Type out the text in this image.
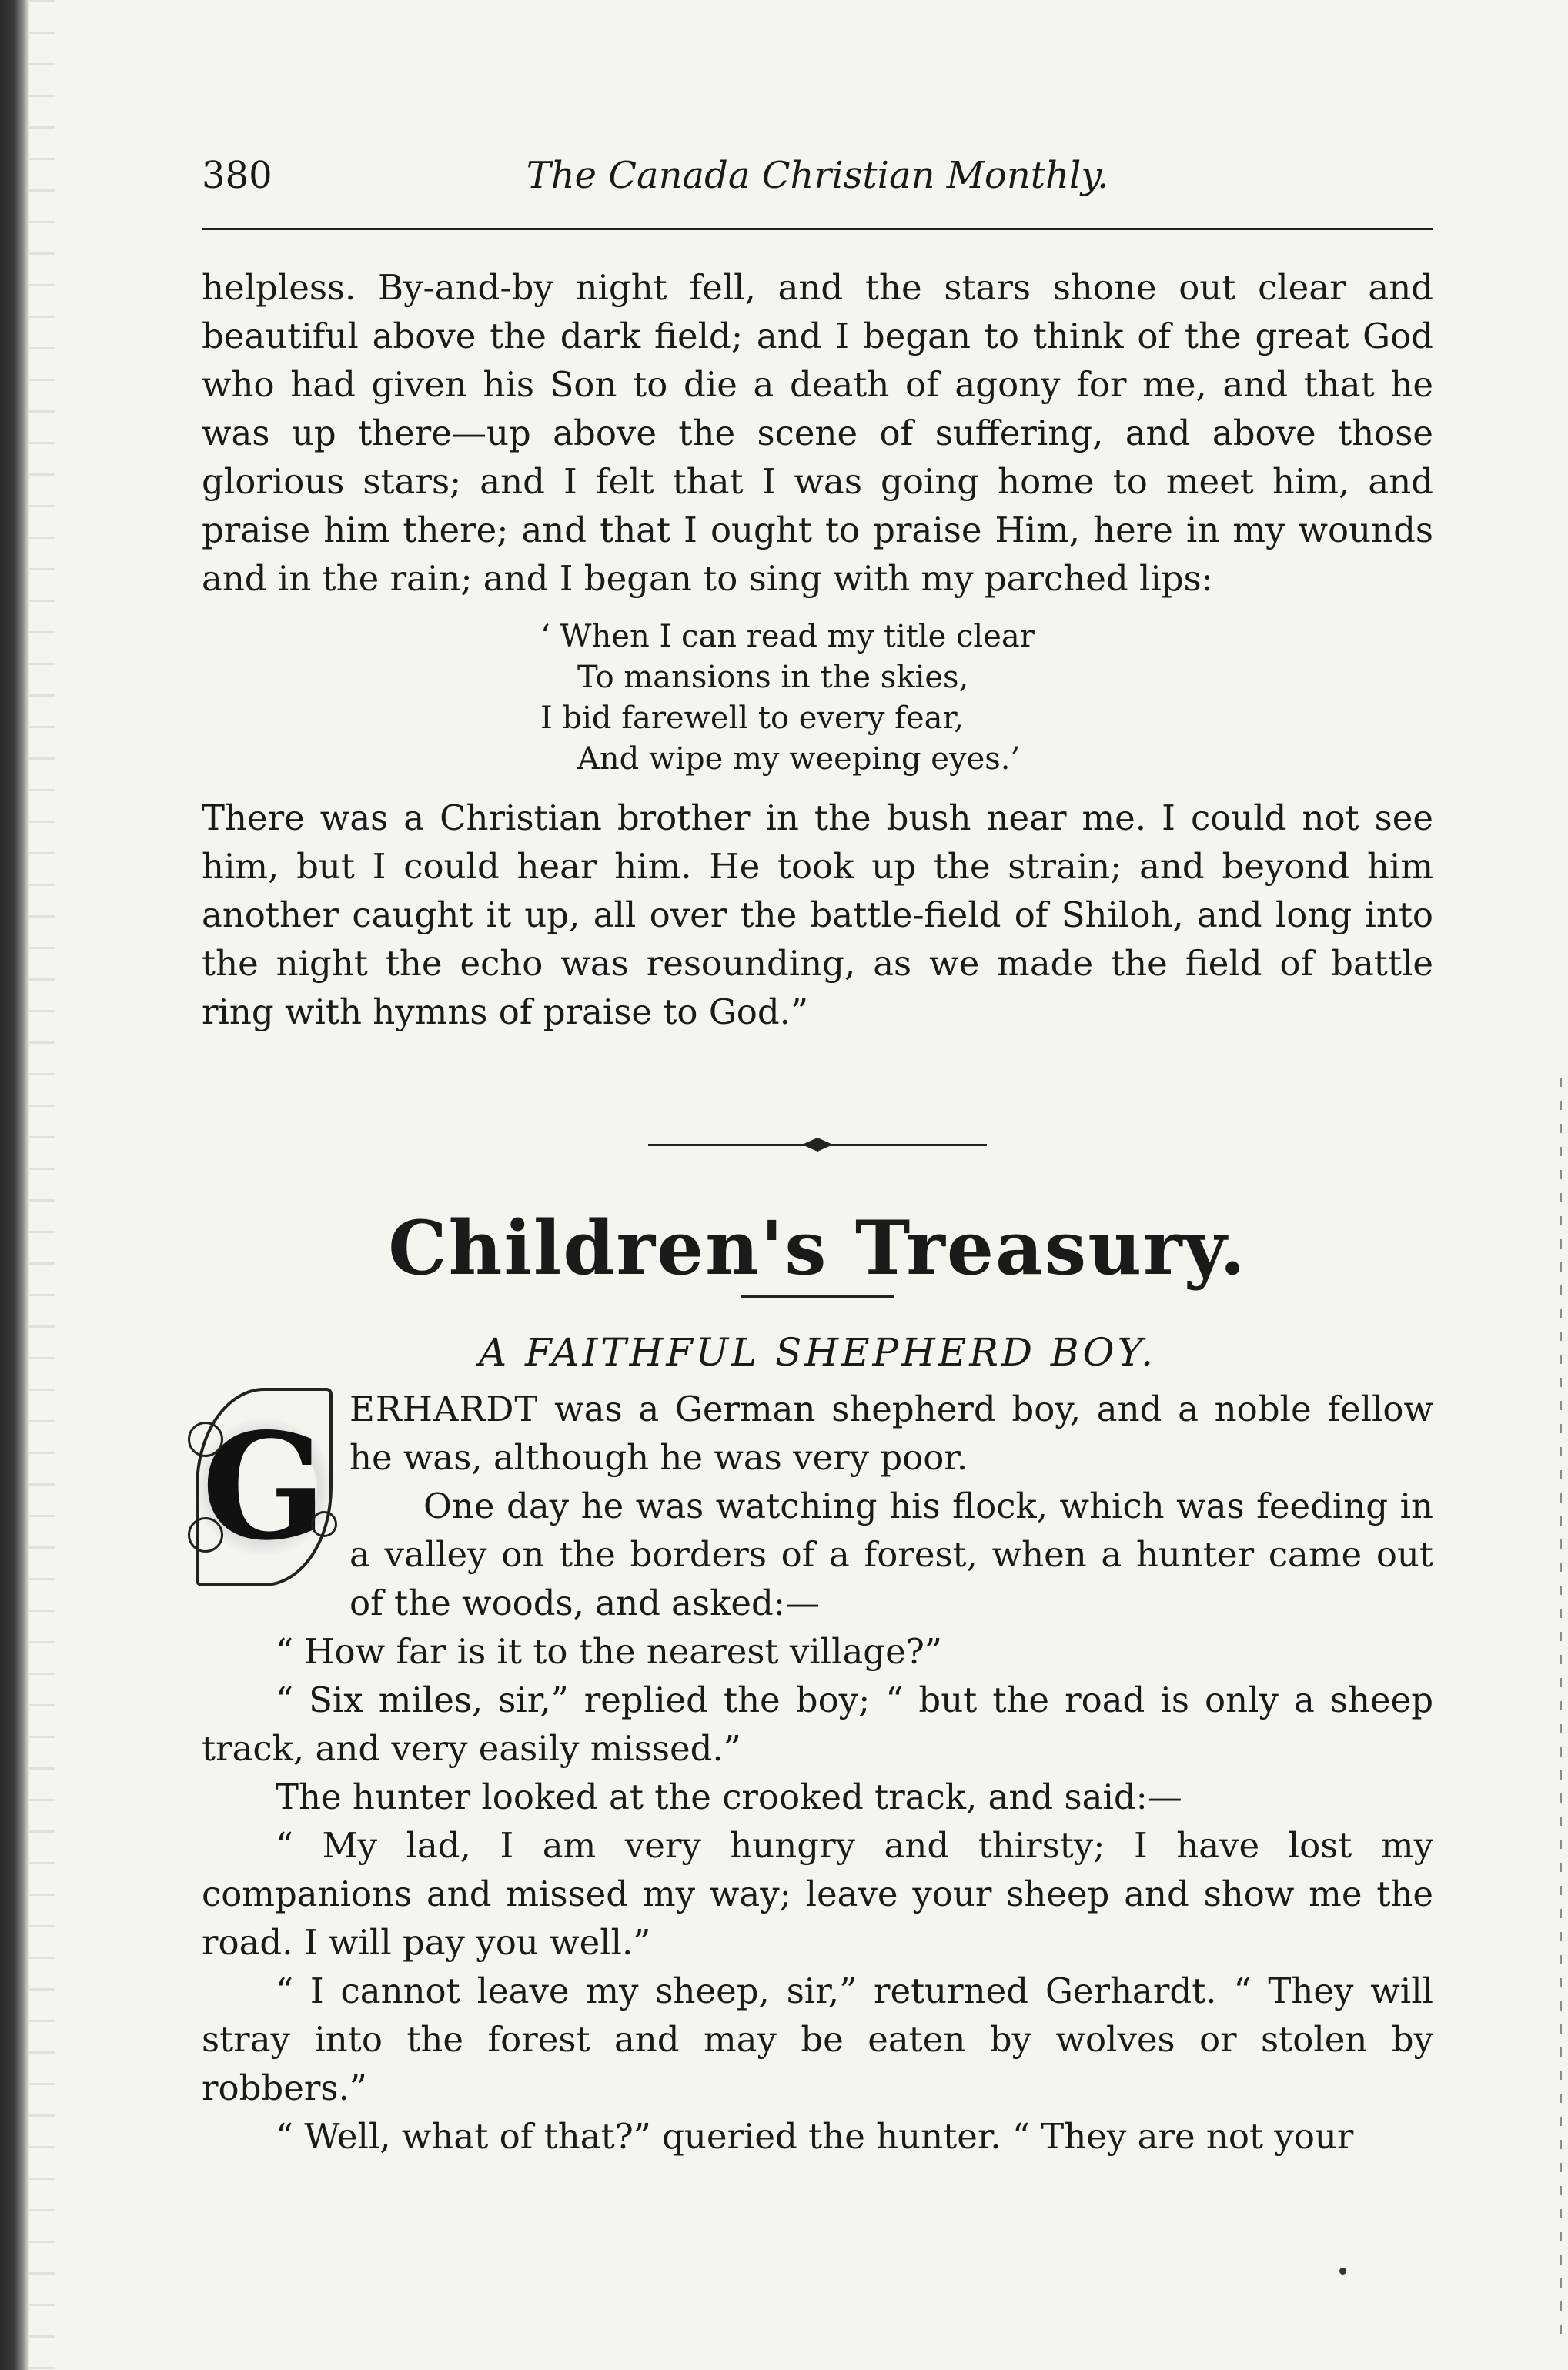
380	The Canada Christian Monthly.

helpless. By-and-by night fell, and the stars shone out clear and beautiful above the dark field; and I began to think of the great God who had given his Son to die a death of agony for me, and that he was up there—up above the scene of suffering, and above those glorious stars; and I felt that I was going home to meet him, and praise him there; and that I ought to praise Him, here in my wounds and in the rain; and I began to sing with my parched lips:

‘ When I can read my title clear
To mansions in the skies,
I bid farewell to every fear,
And wipe my weeping eyes.’

There was a Christian brother in the bush near me. I could not see him, but I could hear him. He took up the strain; and beyond him another caught it up, all over the battle-field of Shiloh, and long into the night the echo was resounding, as we made the field of battle ring with hymns of praise to God.”

Children's Treasury.
A FAITHFUL SHEPHERD BOY.
G ERHARDT was a German shepherd boy, and a noble fellow he was, although he was very poor.

One day he was watching his flock, which was feeding in a valley on the borders of a forest, when a hunter came out of the woods, and asked:—

“ How far is it to the nearest village?”

“ Six miles, sir,” replied the boy; “ but the road is only a sheep track, and very easily missed.”

The hunter looked at the crooked track, and said:—

“ My lad, I am very hungry and thirsty; I have lost my companions and missed my way; leave your sheep and show me the road. I will pay you well.”

“ I cannot leave my sheep, sir,” returned Gerhardt. “ They will stray into the forest and may be eaten by wolves or stolen by robbers.”

“ Well, what of that?” queried the hunter. “ They are not your
